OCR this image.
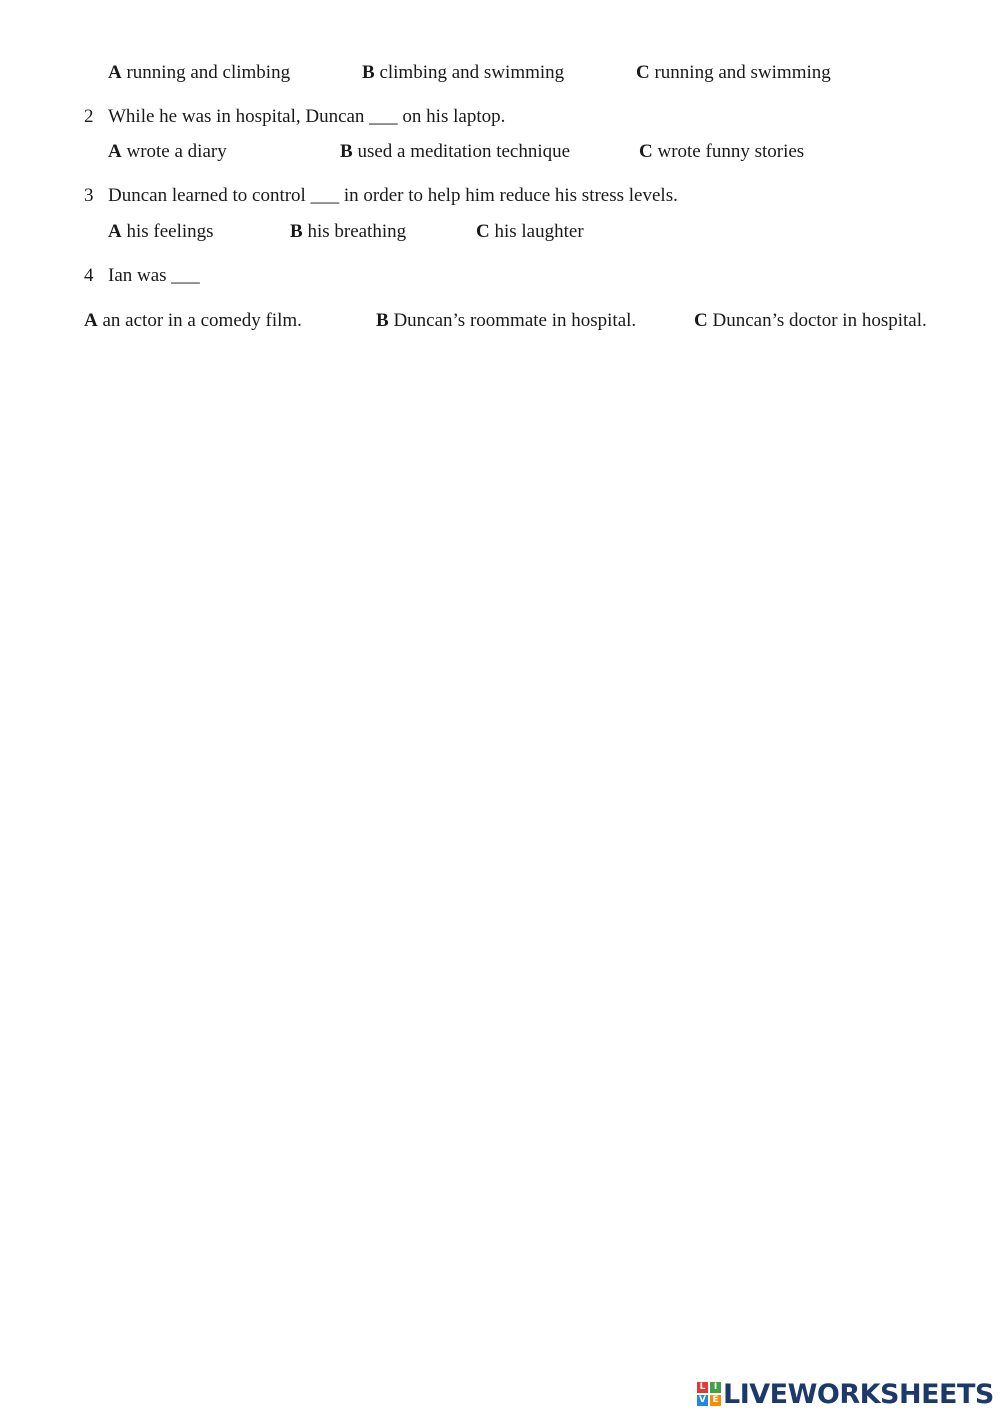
A running and climbing	B climbing and swimming	C running and swimming
2 While he was in hospital, Duncan ___ on his laptop.
A wrote a diary	B used a meditation technique	C wrote funny stories
3 Duncan learned to control ___ in order to help him reduce his stress levels.
A his feelings	B his breathing	C his laughter
4 Ian was ___
A an actor in a comedy film.	B Duncan’s roommate in hospital.	C Duncan’s doctor in hospital.
L I
V E LIVEWORKSHEETS
